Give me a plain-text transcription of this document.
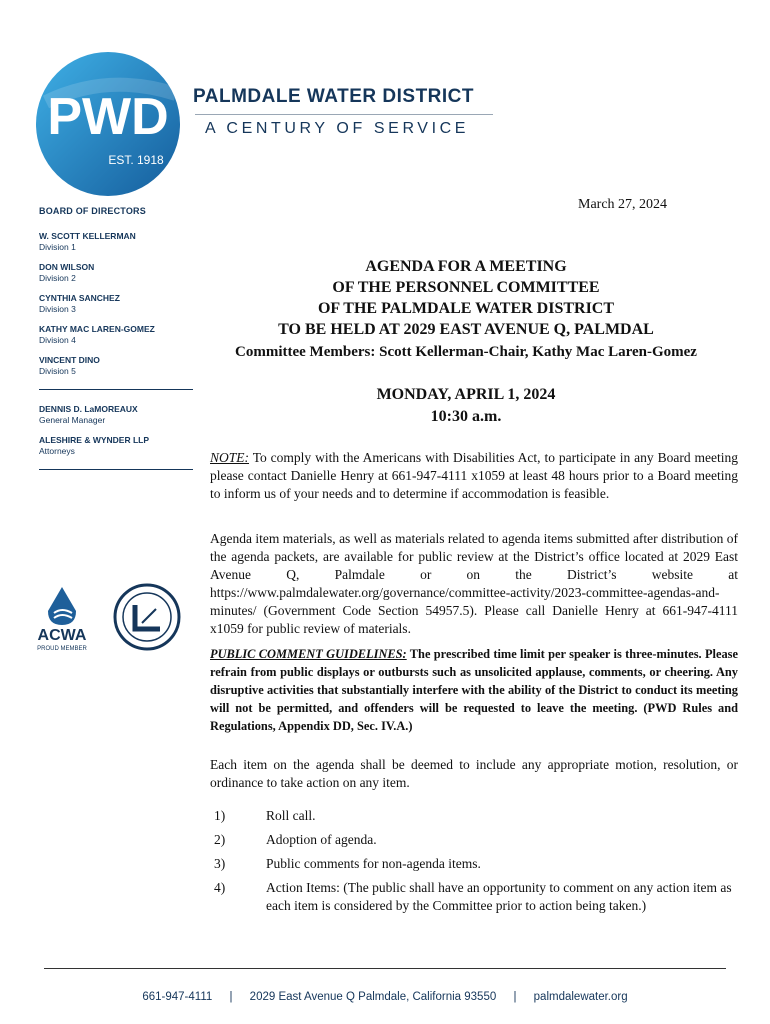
PWD
EST. 1918
PALMDALE WATER DISTRICT
A CENTURY OF SERVICE
BOARD OF DIRECTORS
W. SCOTT KELLERMAN
Division 1
DON WILSON
Division 2
CYNTHIA SANCHEZ
Division 3
KATHY MAC LAREN-GOMEZ
Division 4
VINCENT DINO
Division 5
DENNIS D. LaMOREAUX
General Manager
ALESHIRE & WYNDER LLP
Attorneys
ACWA
PROUD MEMBER
March 27, 2024
AGENDA FOR A MEETING
OF THE PERSONNEL COMMITTEE
OF THE PALMDALE WATER DISTRICT
TO BE HELD AT 2029 EAST AVENUE Q, PALMDAL
Committee Members: Scott Kellerman-Chair, Kathy Mac Laren-Gomez
MONDAY, APRIL 1, 2024
10:30 a.m.
NOTE: To comply with the Americans with Disabilities Act, to participate in any Board meeting please contact Danielle Henry at 661-947-4111 x1059 at least 48 hours prior to a Board meeting to inform us of your needs and to determine if accommodation is feasible.
Agenda item materials, as well as materials related to agenda items submitted after distribution of the agenda packets, are available for public review at the District’s office located at 2029 East Avenue Q, Palmdale or on the District’s website at https://www.palmdalewater.org/governance/committee-activity/2023-committee-agendas-and-minutes/ (Government Code Section 54957.5). Please call Danielle Henry at 661-947-4111 x1059 for public review of materials.
PUBLIC COMMENT GUIDELINES: The prescribed time limit per speaker is three-minutes. Please refrain from public displays or outbursts such as unsolicited applause, comments, or cheering. Any disruptive activities that substantially interfere with the ability of the District to conduct its meeting will not be permitted, and offenders will be requested to leave the meeting. (PWD Rules and Regulations, Appendix DD, Sec. IV.A.)
Each item on the agenda shall be deemed to include any appropriate motion, resolution, or ordinance to take action on any item.
1)	Roll call.
2)	Adoption of agenda.
3)	Public comments for non-agenda items.
4)	Action Items: (The public shall have an opportunity to comment on any action item as each item is considered by the Committee prior to action being taken.)
661-947-4111 | 2029 East Avenue Q Palmdale, California 93550 | palmdalewater.org
